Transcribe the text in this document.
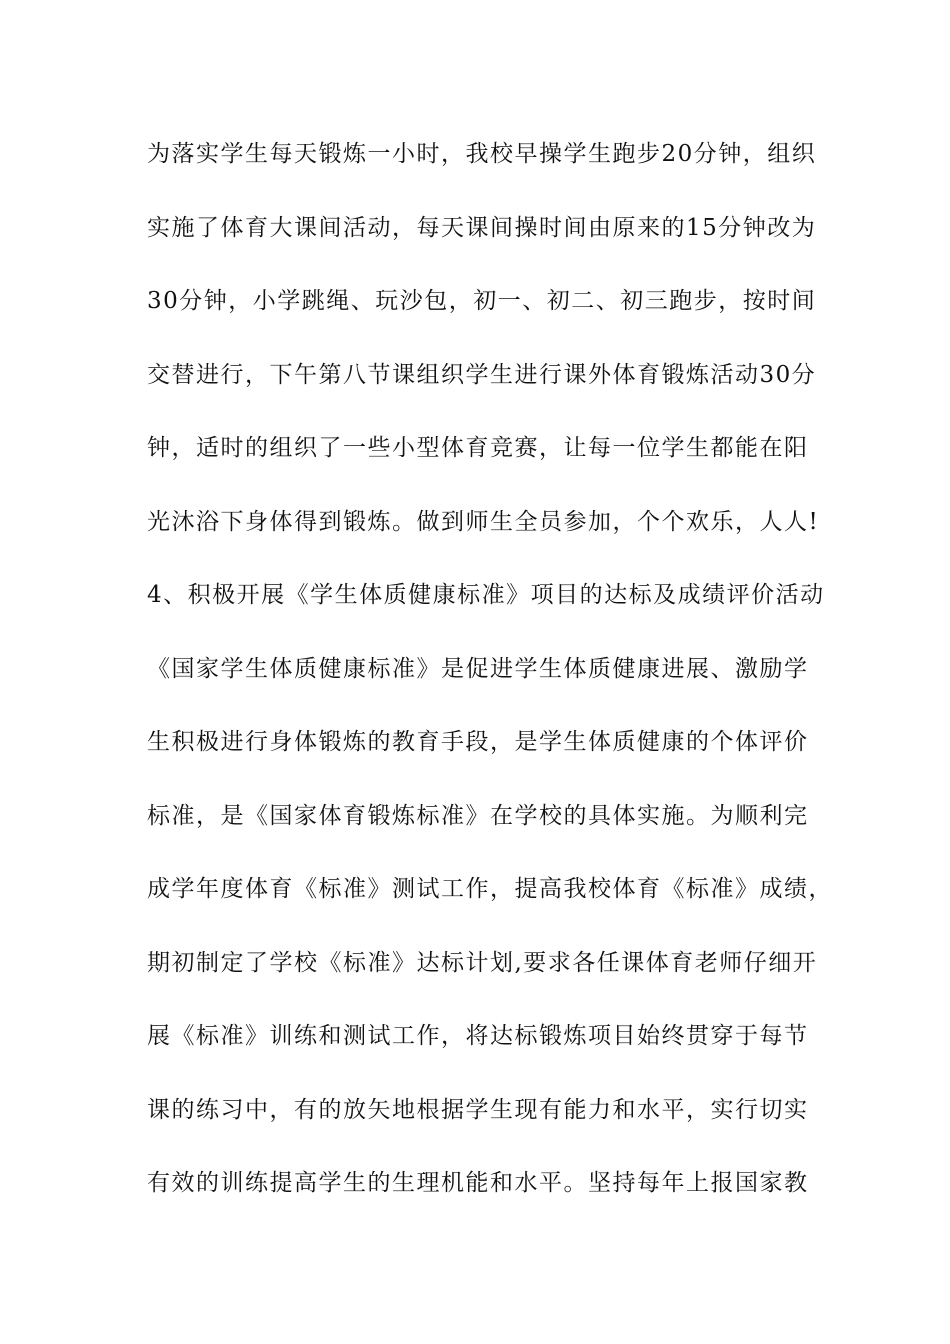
为落实学生每天锻炼一小时，我校早操学生跑步20分钟，组织
实施了体育大课间活动，每天课间操时间由原来的15分钟改为
30分钟，小学跳绳、玩沙包，初一、初二、初三跑步，按时间
交替进行，下午第八节课组织学生进行课外体育锻炼活动30分
钟，适时的组织了一些小型体育竞赛，让每一位学生都能在阳
光沐浴下身体得到锻炼。做到师生全员参加，个个欢乐，人人!
4、积极开展《学生体质健康标准》项目的达标及成绩评价活动
《国家学生体质健康标准》是促进学生体质健康进展、激励学
生积极进行身体锻炼的教育手段，是学生体质健康的个体评价
标准，是《国家体育锻炼标准》在学校的具体实施。为顺利完
成学年度体育《标准》测试工作，提高我校体育《标准》成绩，
期初制定了学校《标准》达标计划,要求各任课体育老师仔细开
展《标准》训练和测试工作，将达标锻炼项目始终贯穿于每节
课的练习中，有的放矢地根据学生现有能力和水平，实行切实
有效的训练提高学生的生理机能和水平。坚持每年上报国家教
